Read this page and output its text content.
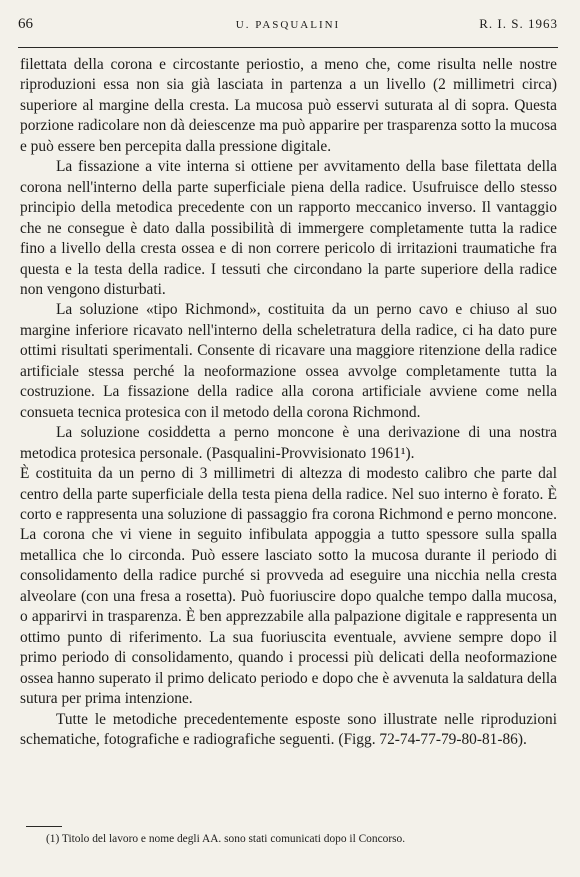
66	U. PASQUALINI	R. I. S. 1963

filettata della corona e circostante periostio, a meno che, come risulta nelle nostre riproduzioni essa non sia già lasciata in partenza a un livello (2 millimetri circa) superiore al margine della cresta. La mucosa può esservi suturata al di sopra. Questa porzione radicolare non dà deiescenze ma può apparire per trasparenza sotto la mucosa e può essere ben percepita dalla pressione digitale.

La fissazione a vite interna si ottiene per avvitamento della base filettata della corona nell'interno della parte superficiale piena della radice. Usufruisce dello stesso principio della metodica precedente con un rapporto meccanico inverso. Il vantaggio che ne consegue è dato dalla possibilità di immergere completamente tutta la radice fino a livello della cresta ossea e di non correre pericolo di irritazioni traumatiche fra questa e la testa della radice. I tessuti che circondano la parte superiore della radice non vengono disturbati.

La soluzione «tipo Richmond», costituita da un perno cavo e chiuso al suo margine inferiore ricavato nell'interno della scheletratura della radice, ci ha dato pure ottimi risultati sperimentali. Consente di ricavare una maggiore ritenzione della radice artificiale stessa perché la neoformazione ossea avvolge completamente tutta la costruzione. La fissazione della radice alla corona artificiale avviene come nella consueta tecnica protesica con il metodo della corona Richmond.

La soluzione cosiddetta a perno moncone è una derivazione di una nostra metodica protesica personale. (Pasqualini-Provvisionato 1961¹).

È costituita da un perno di 3 millimetri di altezza di modesto calibro che parte dal centro della parte superficiale della testa piena della radice. Nel suo interno è forato. È corto e rappresenta una soluzione di passaggio fra corona Richmond e perno moncone. La corona che vi viene in seguito infibulata appoggia a tutto spessore sulla spalla metallica che lo circonda. Può essere lasciato sotto la mucosa durante il periodo di consolidamento della radice purché si provveda ad eseguire una nicchia nella cresta alveolare (con una fresa a rosetta). Può fuoriuscire dopo qualche tempo dalla mucosa, o apparirvi in trasparenza. È ben apprezzabile alla palpazione digitale e rappresenta un ottimo punto di riferimento. La sua fuoriuscita eventuale, avviene sempre dopo il primo periodo di consolidamento, quando i processi più delicati della neoformazione ossea hanno superato il primo delicato periodo e dopo che è avvenuta la saldatura della sutura per prima intenzione.

Tutte le metodiche precedentemente esposte sono illustrate nelle riproduzioni schematiche, fotografiche e radiografiche seguenti. (Figg. 72-74-77-79-80-81-86).

(1) Titolo del lavoro e nome degli AA. sono stati comunicati dopo il Concorso.
